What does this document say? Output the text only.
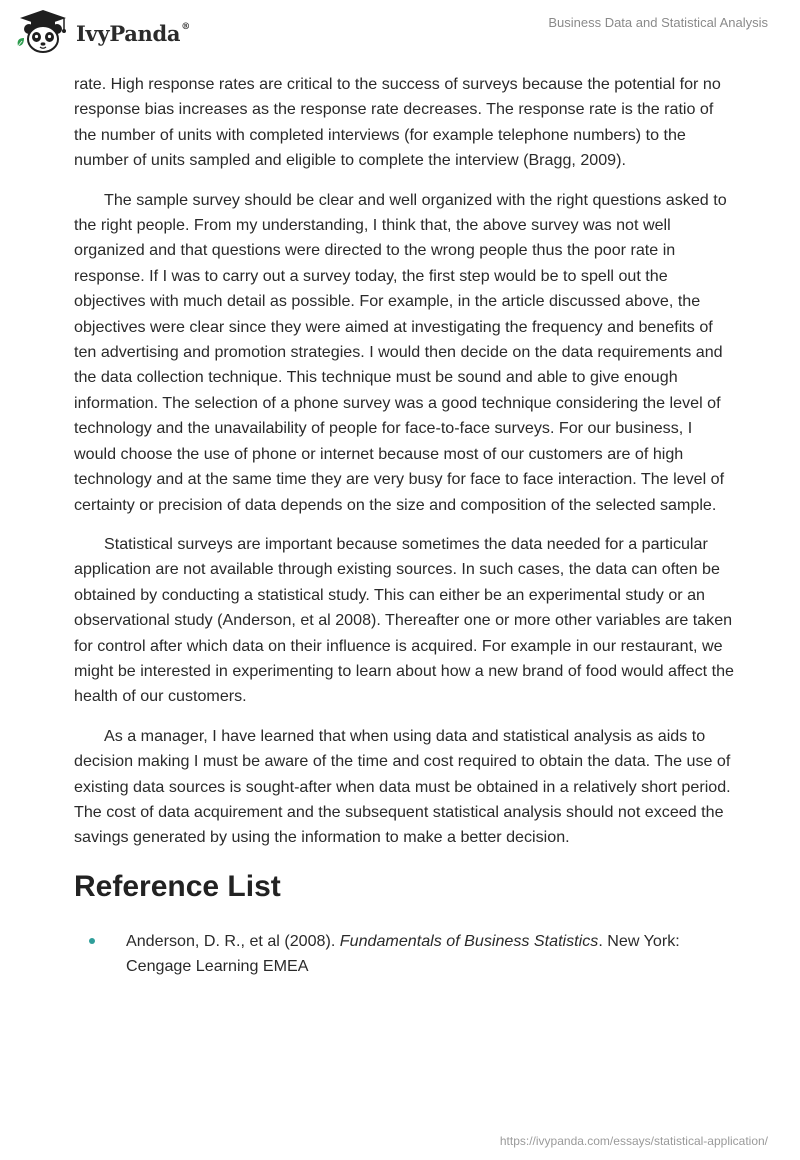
IvyPanda®	Business Data and Statistical Analysis

rate. High response rates are critical to the success of surveys because the potential for no response bias increases as the response rate decreases. The response rate is the ratio of the number of units with completed interviews (for example telephone numbers) to the number of units sampled and eligible to complete the interview (Bragg, 2009).

The sample survey should be clear and well organized with the right questions asked to the right people. From my understanding, I think that, the above survey was not well organized and that questions were directed to the wrong people thus the poor rate in response. If I was to carry out a survey today, the first step would be to spell out the objectives with much detail as possible. For example, in the article discussed above, the objectives were clear since they were aimed at investigating the frequency and benefits of ten advertising and promotion strategies. I would then decide on the data requirements and the data collection technique. This technique must be sound and able to give enough information. The selection of a phone survey was a good technique considering the level of technology and the unavailability of people for face-to-face surveys. For our business, I would choose the use of phone or internet because most of our customers are of high technology and at the same time they are very busy for face to face interaction. The level of certainty or precision of data depends on the size and composition of the selected sample.

Statistical surveys are important because sometimes the data needed for a particular application are not available through existing sources. In such cases, the data can often be obtained by conducting a statistical study. This can either be an experimental study or an observational study (Anderson, et al 2008). Thereafter one or more other variables are taken for control after which data on their influence is acquired. For example in our restaurant, we might be interested in experimenting to learn about how a new brand of food would affect the health of our customers.

As a manager, I have learned that when using data and statistical analysis as aids to decision making I must be aware of the time and cost required to obtain the data. The use of existing data sources is sought-after when data must be obtained in a relatively short period. The cost of data acquirement and the subsequent statistical analysis should not exceed the savings generated by using the information to make a better decision.

Reference List
Anderson, D. R., et al (2008). Fundamentals of Business Statistics. New York: Cengage Learning EMEA
https://ivypanda.com/essays/statistical-application/
